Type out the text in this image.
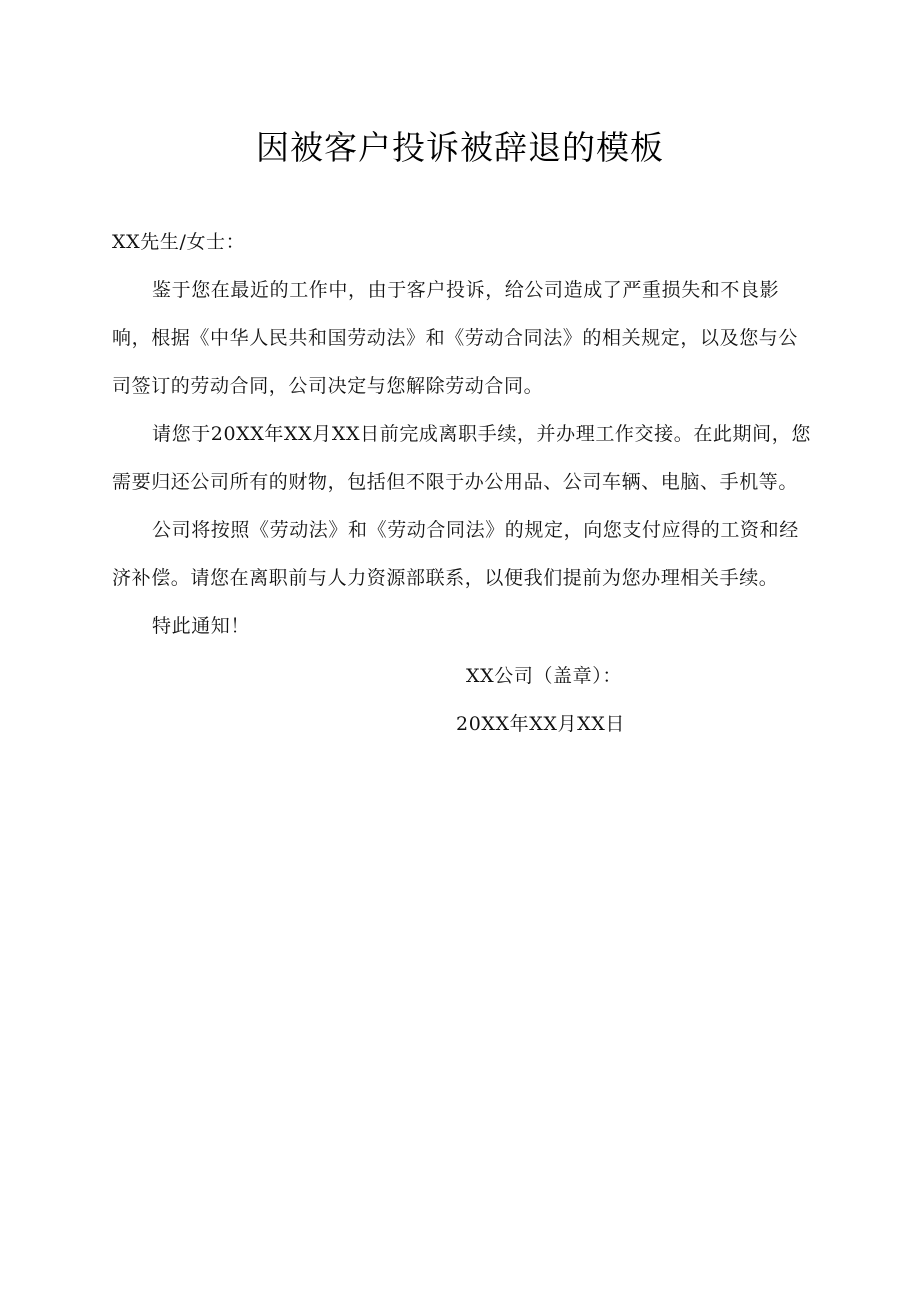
因被客户投诉被辞退的模板
XX先生/女士：
鉴于您在最近的工作中，由于客户投诉，给公司造成了严重损失和不良影响，根据《中华人民共和国劳动法》和《劳动合同法》的相关规定，以及您与公司签订的劳动合同，公司决定与您解除劳动合同。
请您于20XX年XX月XX日前完成离职手续，并办理工作交接。在此期间，您需要归还公司所有的财物，包括但不限于办公用品、公司车辆、电脑、手机等。
公司将按照《劳动法》和《劳动合同法》的规定，向您支付应得的工资和经济补偿。请您在离职前与人力资源部联系，以便我们提前为您办理相关手续。
特此通知！
XX公司（盖章）：
20XX年XX月XX日
